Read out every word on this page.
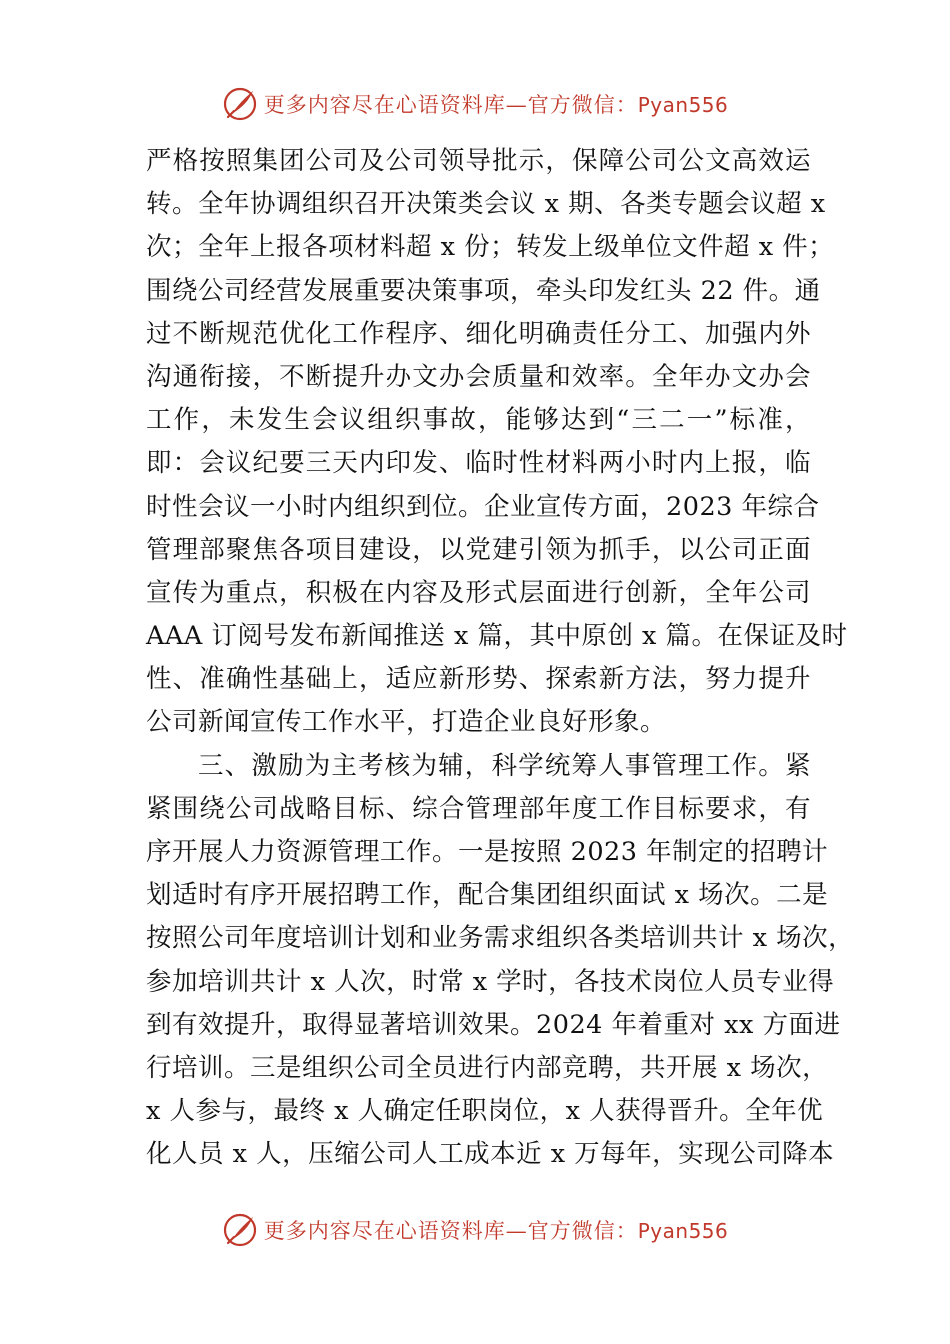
更多内容尽在心语资料库— 官方微信： Pyan556
严格按照集团公司及公司领导批示，保障公司公文高效运
转。全年协调组织召开决策类会议 x 期、各类专题会议超 x
次；全年上报各项材料超 x 份；转发上级单位文件超 x 件；
围绕公司经营发展重要决策事项，牵头印发红头 22 件。通
过不断规范优化工作程序、细化明确责任分工、加强内外
沟通衔接，不断提升办文办会质量和效率。全年办文办会
工作，未发生会议组织事故，能够达到“三二一”标准，
即：会议纪要三天内印发、临时性材料两小时内上报，临
时性会议一小时内组织到位。企业宣传方面，2023 年综合
管理部聚焦各项目建设，以党建引领为抓手，以公司正面
宣传为重点，积极在内容及形式层面进行创新，全年公司
AAA 订阅号发布新闻推送 x 篇，其中原创 x 篇。在保证及时
性、准确性基础上，适应新形势、探索新方法，努力提升
公司新闻宣传工作水平，打造企业良好形象。
三、激励为主考核为辅，科学统筹人事管理工作。紧
紧围绕公司战略目标、综合管理部年度工作目标要求，有
序开展人力资源管理工作。一是按照 2023 年制定的招聘计
划适时有序开展招聘工作，配合集团组织面试 x 场次。二是
按照公司年度培训计划和业务需求组织各类培训共计 x 场次，
参加培训共计 x 人次，时常 x 学时，各技术岗位人员专业得
到有效提升，取得显著培训效果。2024 年着重对 xx 方面进
行培训。三是组织公司全员进行内部竞聘，共开展 x 场次，
x 人参与，最终 x 人确定任职岗位，x 人获得晋升。全年优
化人员 x 人，压缩公司人工成本近 x 万每年，实现公司降本
更多内容尽在心语资料库— 官方微信： Pyan556
